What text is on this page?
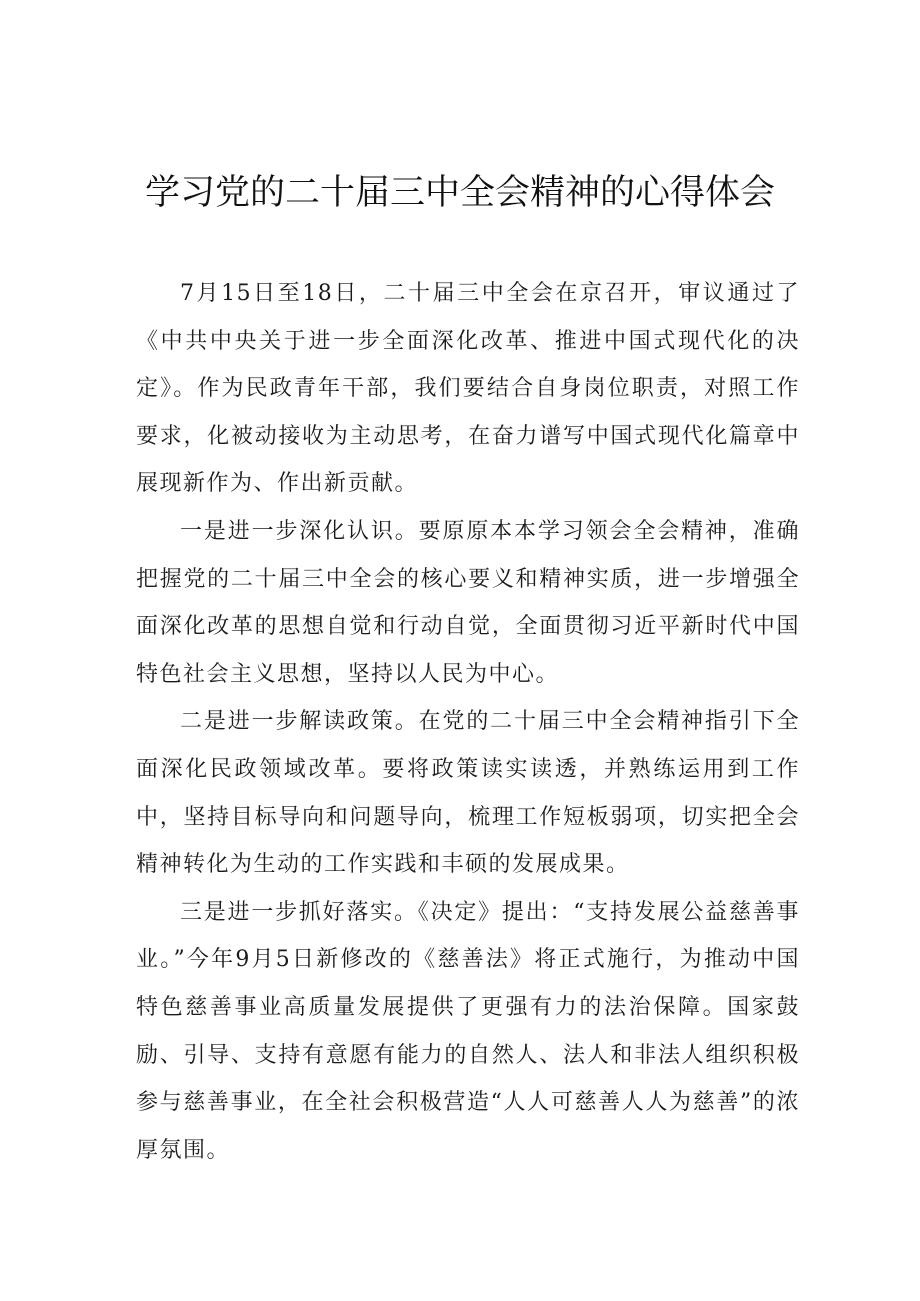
学习党的二十届三中全会精神的心得体会

7月15日至18日，二十届三中全会在京召开，审议通过了《中共中央关于进一步全面深化改革、推进中国式现代化的决定》。作为民政青年干部，我们要结合自身岗位职责，对照工作要求，化被动接收为主动思考，在奋力谱写中国式现代化篇章中展现新作为、作出新贡献。

一是进一步深化认识。要原原本本学习领会全会精神，准确把握党的二十届三中全会的核心要义和精神实质，进一步增强全面深化改革的思想自觉和行动自觉，全面贯彻习近平新时代中国特色社会主义思想，坚持以人民为中心。

二是进一步解读政策。在党的二十届三中全会精神指引下全面深化民政领域改革。要将政策读实读透，并熟练运用到工作中，坚持目标导向和问题导向，梳理工作短板弱项，切实把全会精神转化为生动的工作实践和丰硕的发展成果。

三是进一步抓好落实。《决定》提出：“支持发展公益慈善事业。”今年9月5日新修改的《慈善法》将正式施行，为推动中国特色慈善事业高质量发展提供了更强有力的法治保障。国家鼓励、引导、支持有意愿有能力的自然人、法人和非法人组织积极参与慈善事业，在全社会积极营造“人人可慈善人人为慈善”的浓厚氛围。
